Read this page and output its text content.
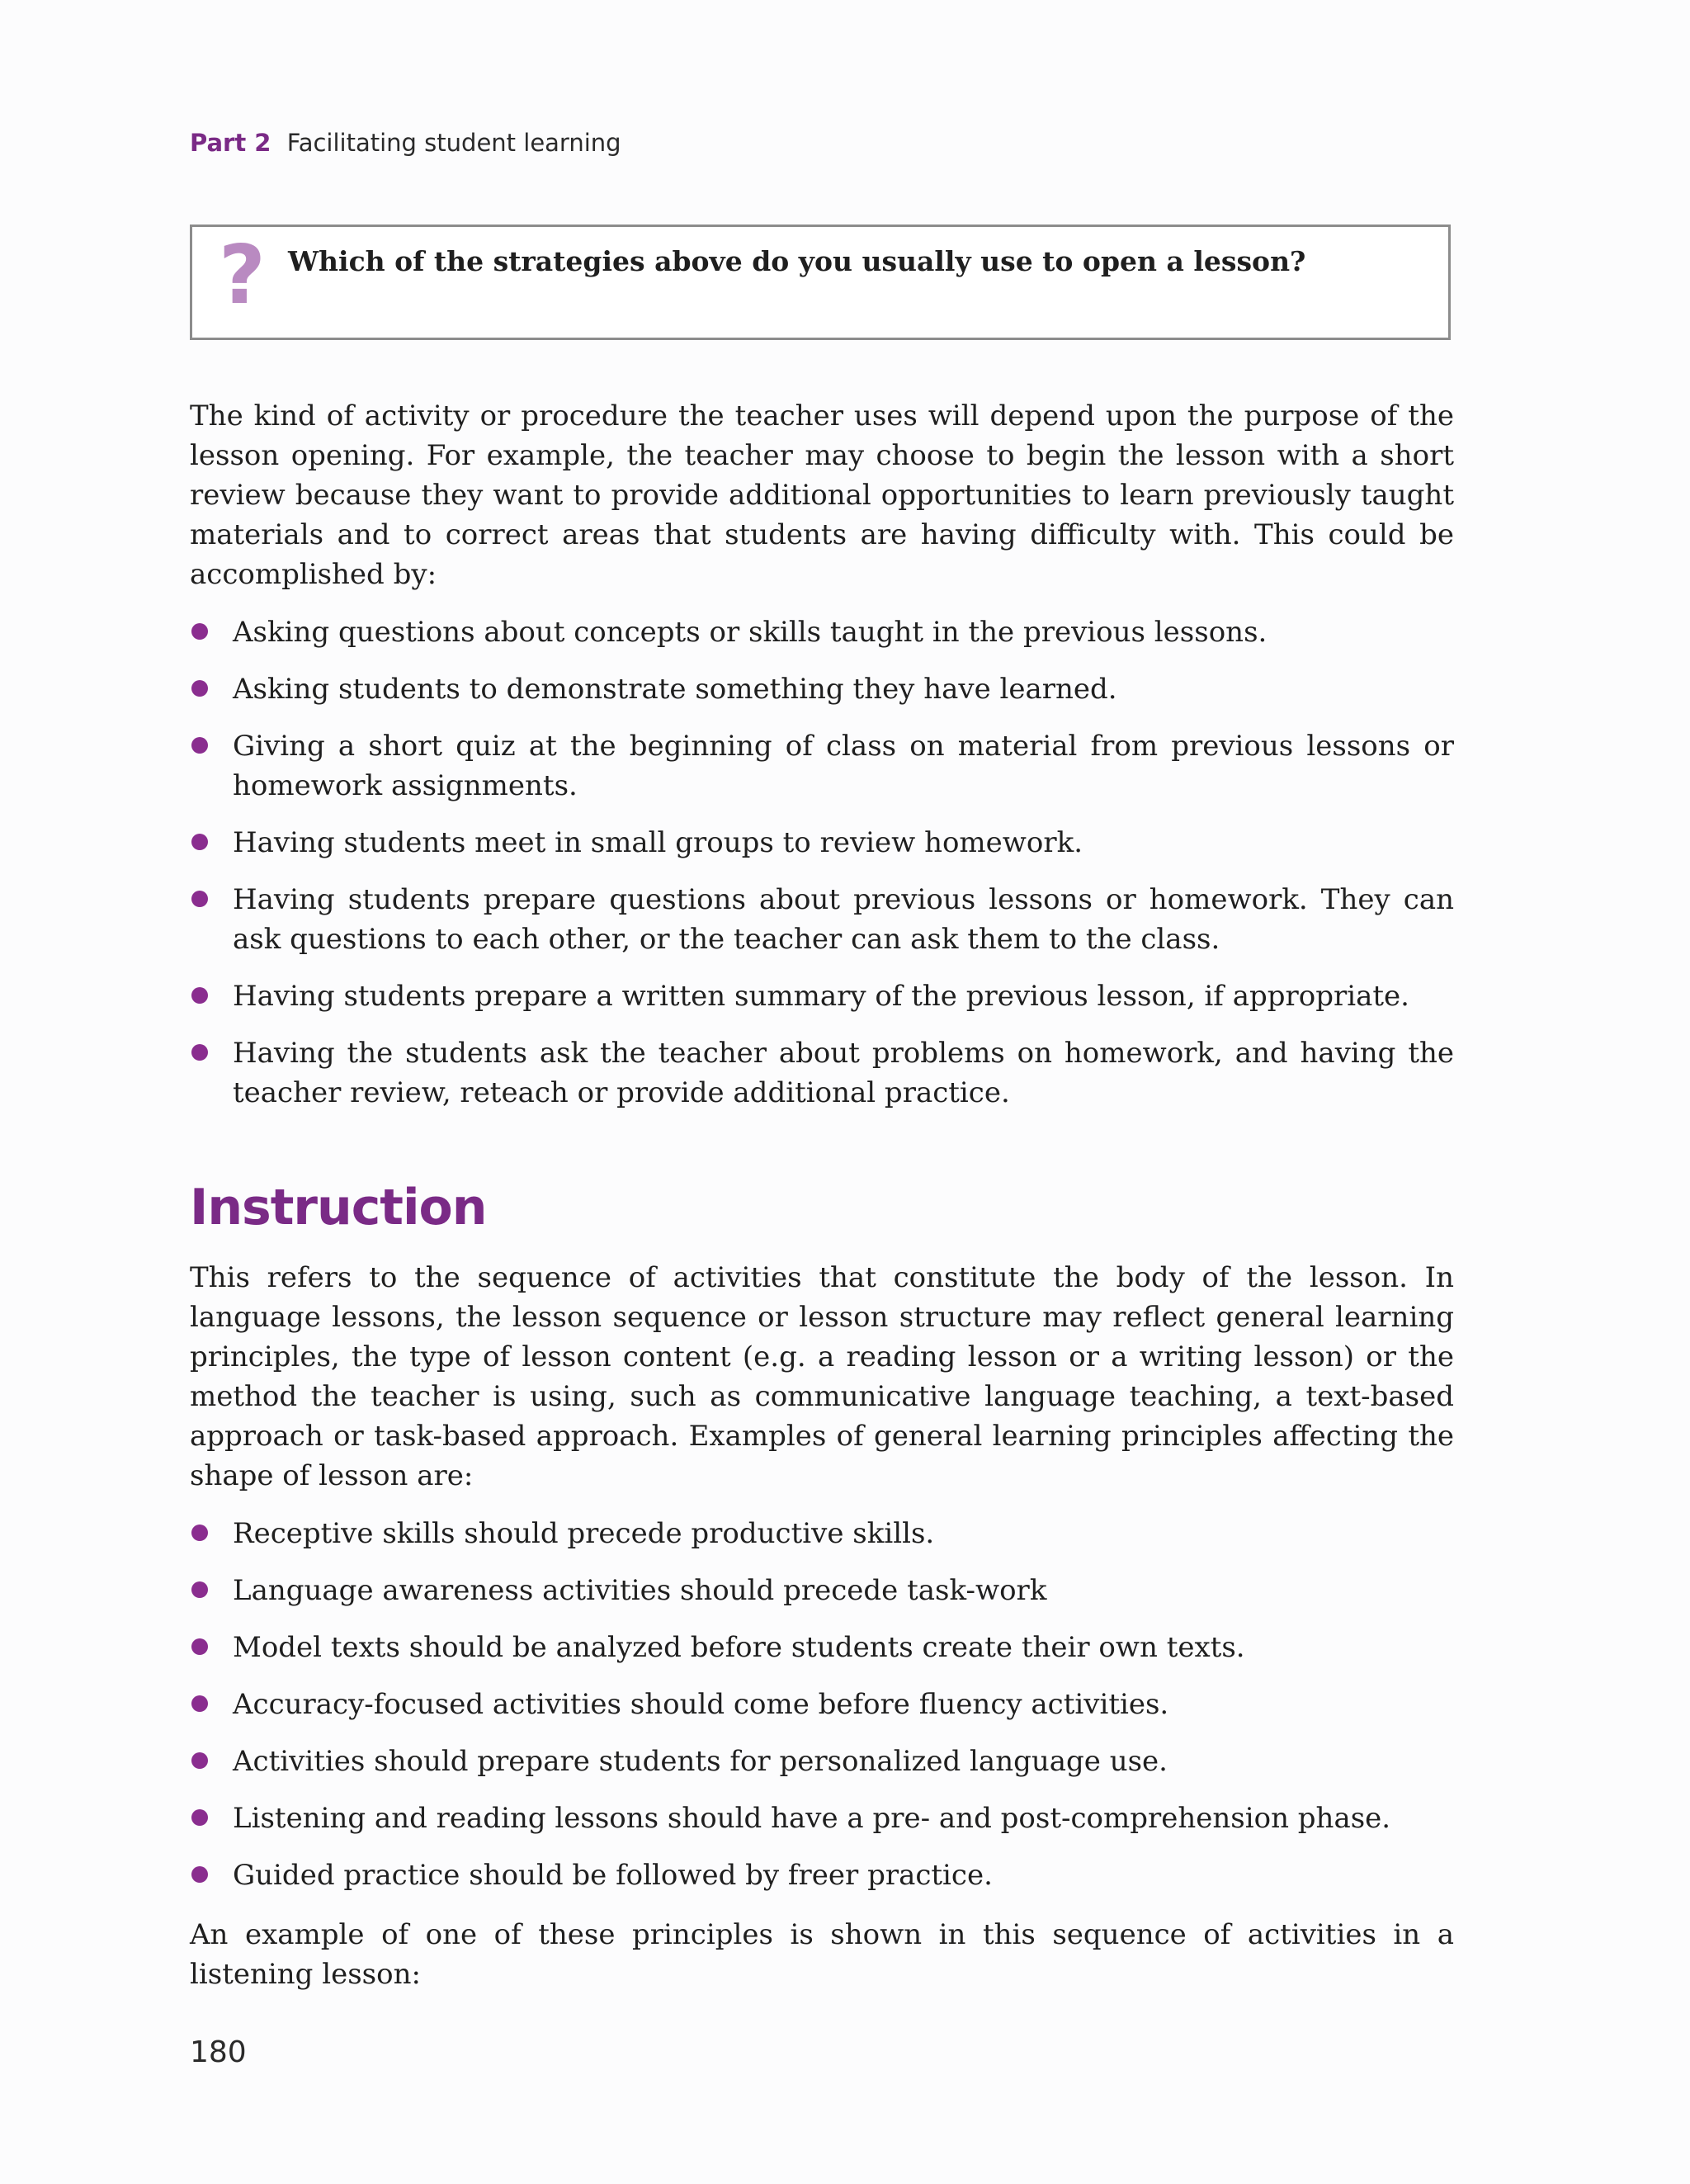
Part 2 Facilitating student learning
? Which of the strategies above do you usually use to open a lesson?

The kind of activity or procedure the teacher uses will depend upon the purpose of the lesson opening. For example, the teacher may choose to begin the lesson with a short review because they want to provide additional opportunities to learn previously taught materials and to correct areas that students are having difficulty with. This could be accomplished by:

Asking questions about concepts or skills taught in the previous lessons.
Asking students to demonstrate something they have learned.
Giving a short quiz at the beginning of class on material from previous lessons or homework assignments.
Having students meet in small groups to review homework.
Having students prepare questions about previous lessons or homework. They can ask questions to each other, or the teacher can ask them to the class.
Having students prepare a written summary of the previous lesson, if appropriate.
Having the students ask the teacher about problems on homework, and having the teacher review, reteach or provide additional practice.
Instruction

This refers to the sequence of activities that constitute the body of the lesson. In language lessons, the lesson sequence or lesson structure may reflect general learning principles, the type of lesson content (e.g. a reading lesson or a writing lesson) or the method the teacher is using, such as communicative language teaching, a text-based approach or task-based approach. Examples of general learning principles affecting the shape of lesson are:

Receptive skills should precede productive skills.
Language awareness activities should precede task-work
Model texts should be analyzed before students create their own texts.
Accuracy-focused activities should come before fluency activities.
Activities should prepare students for personalized language use.
Listening and reading lessons should have a pre- and post-comprehension phase.
Guided practice should be followed by freer practice.

An example of one of these principles is shown in this sequence of activities in a listening lesson:

180
